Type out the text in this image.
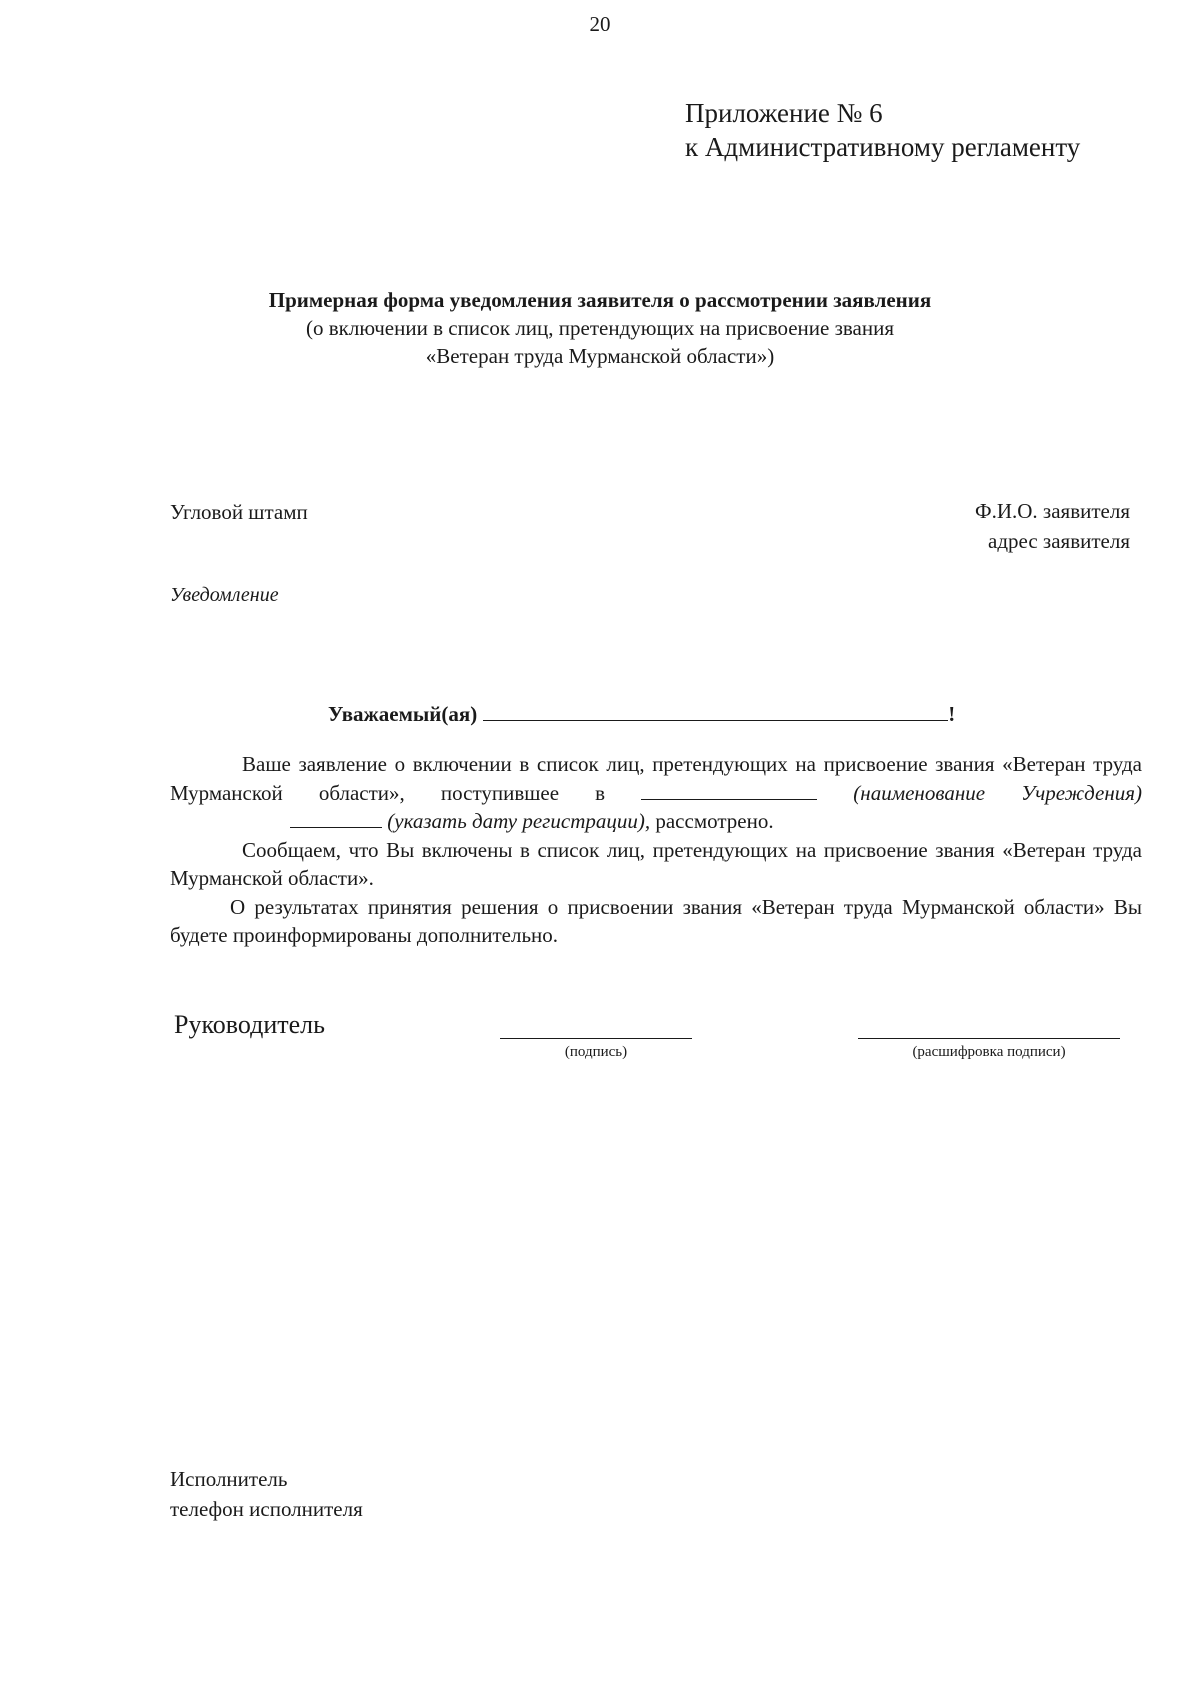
20
Приложение № 6
к Административному регламенту
Примерная форма уведомления заявителя о рассмотрении заявления
(о включении в список лиц, претендующих на присвоение звания
«Ветеран труда Мурманской области»)
Угловой штамп	Ф.И.О. заявителя
адрес заявителя
Уведомление
Уважаемый(ая)	!

Ваше заявление о включении в список лиц, претендующих на присвоение звания «Ветеран труда Мурманской области», поступившее в	(наименование Учреждения)  (указать дату регистрации), рассмотрено.

Сообщаем, что Вы включены в список лиц, претендующих на присвоение звания «Ветеран труда Мурманской области».

О результатах принятия решения о присвоении звания «Ветеран труда Мурманской области» Вы будете проинформированы дополнительно.

Руководитель
(подпись)	(расшифровка подписи)
Исполнитель
телефон исполнителя
